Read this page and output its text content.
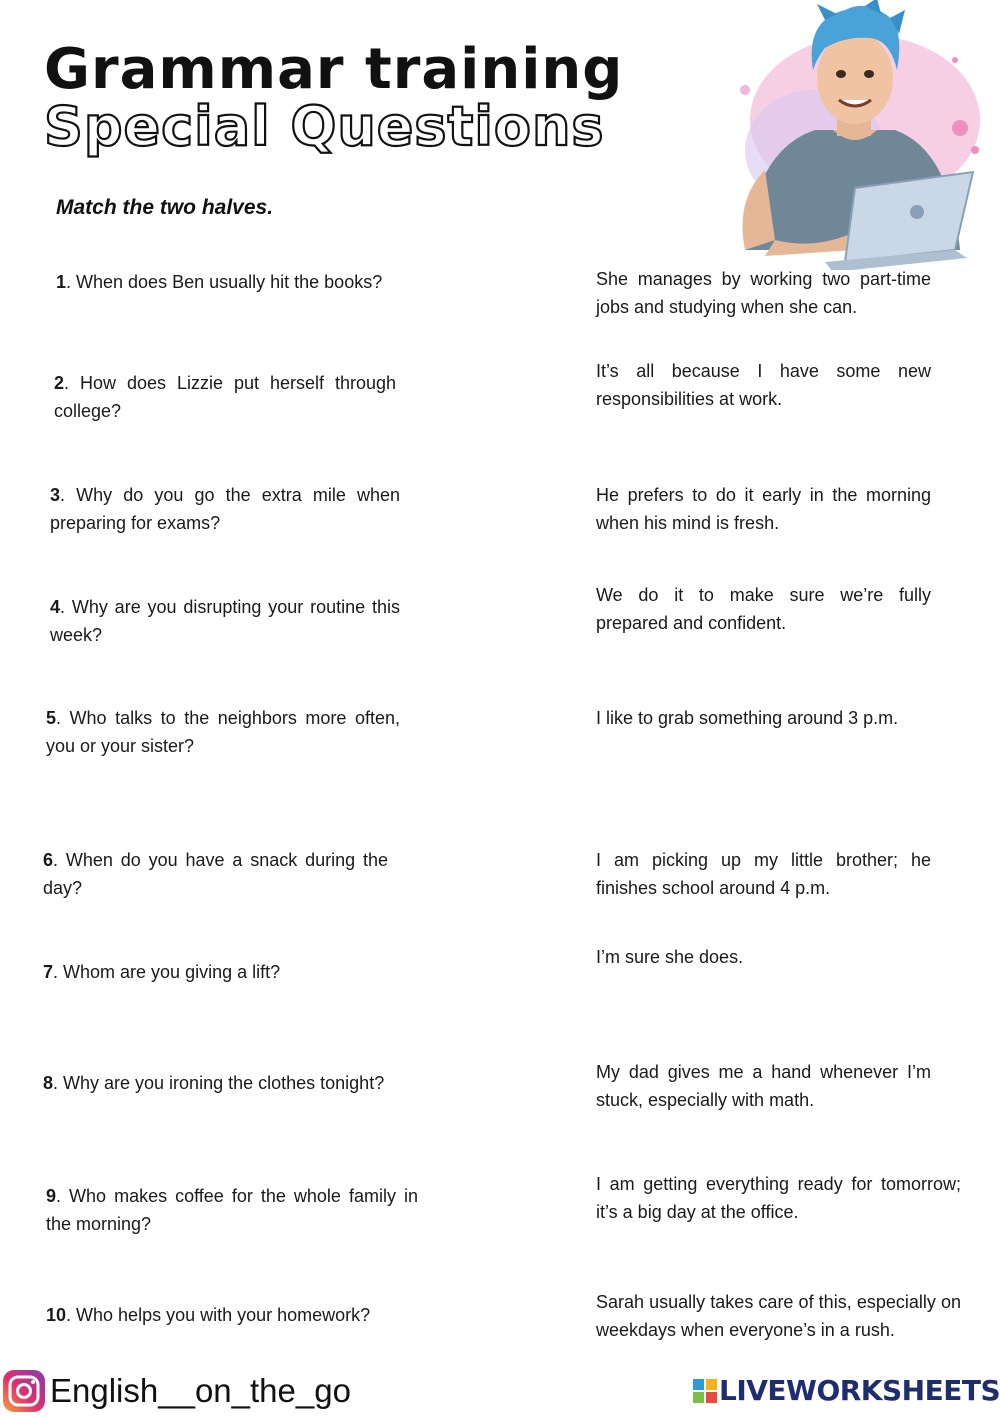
Grammar training
Special Questions
Match the two halves.
1. When does Ben usually hit the books?
2. How does Lizzie put herself through college?
3. Why do you go the extra mile when preparing for exams?
4. Why are you disrupting your routine this week?
5. Who talks to the neighbors more often, you or your sister?
6. When do you have a snack during the day?
7. Whom are you giving a lift?
8. Why are you ironing the clothes tonight?
9. Who makes coffee for the whole family in the morning?
10. Who helps you with your homework?
She manages by working two part-time jobs and studying when she can.
It’s all because I have some new responsibilities at work.
He prefers to do it early in the morning when his mind is fresh.
We do it to make sure we’re fully prepared and confident.
I like to grab something around 3 p.m.
I am picking up my little brother; he finishes school around 4 p.m.
I’m sure she does.
My dad gives me a hand whenever I’m stuck, especially with math.
I am getting everything ready for tomorrow; it’s a big day at the office.
Sarah usually takes care of this, especially on weekdays when everyone’s in a rush.
English__on_the_go	LIVEWORKSHEETS
